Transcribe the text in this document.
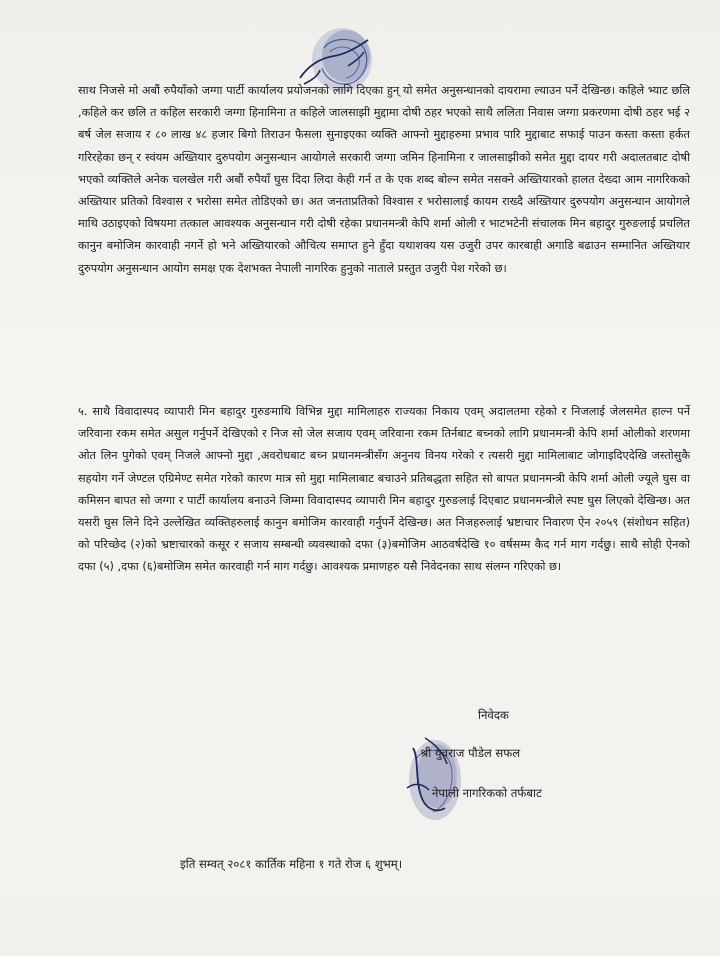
साथ निजसे मो अबौं रुपैयाँको जग्गा पार्टी कार्यालय प्रयोजनको लागि दिएका हुन् यो समेत अनुसन्धानको दायरामा ल्याउन पर्ने देखिन्छ। कहिले भ्याट छलि ,कहिले कर छलि त कहिल सरकारी जग्गा हिनामिना त कहिले जालसाझी मुद्दामा दोषी ठहर भएको साथै ललिता निवास जग्गा प्रकरणमा दोषी ठहर भई २ बर्ष जेल सजाय र ८० लाख ४८ हजार बिगो तिराउन फैसला सुनाइएका व्यक्ति आफ्नो मुद्दाहरुमा प्रभाव पारि मुद्दाबाट सफाई पाउन कस्ता कस्ता हर्कत गरिरहेका छन् र स्वंयम अख्तियार दुरुपयोग अनुसन्धान आयोगले सरकारी जग्गा जमिन हिनामिना र जालसाझीको समेत मुद्दा दायर गरी अदालतबाट दोषी भएको व्यक्तिले अनेक चलखेल गरी अबौं रुपैयाँ घुस दिदा लिदा केही गर्न त के एक शब्द बोल्न समेत नसक्ने अख्तियारको हालत देख्दा आम नागरिकको अख्तियार प्रतिको विश्वास र भरोसा समेत तोडिएको छ। अत जनताप्रतिको विश्वास र भरोसालाई कायम राख्दै अख्तियार दुरुपयोग अनुसन्धान आयोगले माथि उठाइएको विषयमा तत्काल आवश्यक अनुसन्धान गरी दोषी रहेका प्रधानमन्त्री केपि शर्मा ओली र भाटभटेनी संचालक मिन बहादुर गुरुङलाई प्रचलित कानुन बमोजिम कारवाही नगर्ने हो भने अख्तियारको औचित्य समाप्त हुने हुँदा यथाशक्य यस उजुरी उपर कारबाही अगाडि बढाउन सम्मानित अख्तियार दुरुपयोग अनुसन्धान आयोग समक्ष एक देशभक्त नेपाली नागरिक हुनुको नाताले प्रस्तुत उजुरी पेश गरेको छ।
५. साथै विवादास्पद व्यापारी मिन बहादुर गुरुङमाथि विभिन्न मुद्दा मामिलाहरु राज्यका निकाय एवम् अदालतमा रहेको र निजलाई जेलसमेत हाल्न पर्ने जरिवाना रकम समेत असुल गर्नुपर्ने देखिएको र निज सो जेल सजाय एवम् जरिवाना रकम तिर्नबाट बच्नको लागि प्रधानमन्त्री केपि शर्मा ओलीको शरणमा ओत लिन पुगेको एवम् निजले आफ्नो मुद्दा ,अवरोधबाट बच्न प्रधानमन्त्रीसँग अनुनय विनय गरेको र त्यसरी मुद्दा मामिलाबाट जोगाइदिएदेखि जस्तोसुकै सहयोग गर्ने जेण्टल एग्रिमेण्ट समेत गरेको कारण मात्र सो मुद्दा मामिलाबाट बचाउने प्रतिबद्धता सहित सो बापत प्रधानमन्त्री केपि शर्मा ओली ज्यूले घुस वा कमिसन बापत सो जग्गा र पार्टी कार्यालय बनाउने जिम्मा विवादास्पद व्यापारी मिन बहादुर गुरुङलाई दिएबाट प्रधानमन्त्रीले स्पष्ट घुस लिएको देखिन्छ। अत यसरी घुस लिने दिने उल्लेखित व्यक्तिहरुलाई कानुन बमोजिम कारवाही गर्नुपर्ने देखिन्छ। अत निजहरुलाई भ्रष्टाचार निवारण ऐन २०५९ (संशोधन सहित) को परिच्छेद (२)को भ्रष्टाचारको कसूर र सजाय सम्बन्धी व्यवस्थाको दफा (३)बमोजिम आठवर्षदेखि १० वर्षसम्म कैद गर्न माग गर्दछु। साथै सोही ऐनको दफा (५) ,दफा (६)बमोजिम समेत कारवाही गर्न माग गर्दछु। आवश्यक प्रमाणहरु यसै निवेदनका साथ संलग्न गरिएको छ।
निवेदक
श्री युवराज पौडेल सफल
नेपाली नागरिकको तर्फबाट
इति सम्वत् २०८१ कार्तिक महिना १ गते रोज ६ शुभम्।
